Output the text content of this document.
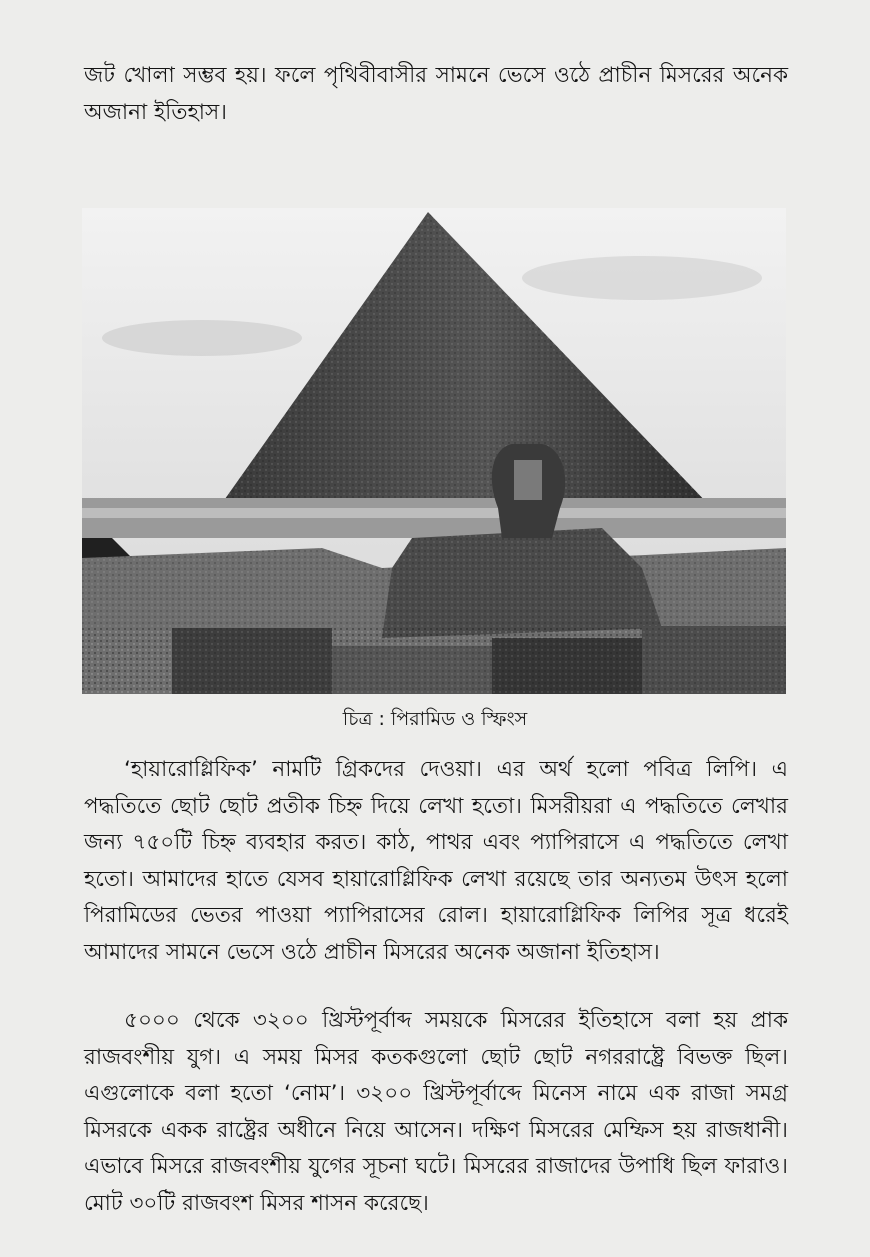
জট খোলা সম্ভব হয়। ফলে পৃথিবীবাসীর সামনে ভেসে ওঠে প্রাচীন মিসরের অনেক অজানা ইতিহাস।

চিত্র : পিরামিড ও স্ফিংস

‘হায়ারোগ্লিফিক’ নামটি গ্রিকদের দেওয়া। এর অর্থ হলো পবিত্র লিপি। এ পদ্ধতিতে ছোট ছোট প্রতীক চিহ্ন দিয়ে লেখা হতো। মিসরীয়রা এ পদ্ধতিতে লেখার জন্য ৭৫০টি চিহ্ন ব্যবহার করত। কাঠ, পাথর এবং প্যাপিরাসে এ পদ্ধতিতে লেখা হতো। আমাদের হাতে যেসব হায়ারোগ্লিফিক লেখা রয়েছে তার অন্যতম উৎস হলো পিরামিডের ভেতর পাওয়া প্যাপিরাসের রোল। হায়ারোগ্লিফিক লিপির সূত্র ধরেই আমাদের সামনে ভেসে ওঠে প্রাচীন মিসরের অনেক অজানা ইতিহাস।

৫০০০ থেকে ৩২০০ খ্রিস্টপূর্বাব্দ সময়কে মিসরের ইতিহাসে বলা হয় প্রাক রাজবংশীয় যুগ। এ সময় মিসর কতকগুলো ছোট ছোট নগররাষ্ট্রে বিভক্ত ছিল। এগুলোকে বলা হতো ‘নোম’। ৩২০০ খ্রিস্টপূর্বাব্দে মিনেস নামে এক রাজা সমগ্র মিসরকে একক রাষ্ট্রের অধীনে নিয়ে আসেন। দক্ষিণ মিসরের মেম্ফিস হয় রাজধানী। এভাবে মিসরে রাজবংশীয় যুগের সূচনা ঘটে। মিসরের রাজাদের উপাধি ছিল ফারাও। মোট ৩০টি রাজবংশ মিসর শাসন করেছে।
